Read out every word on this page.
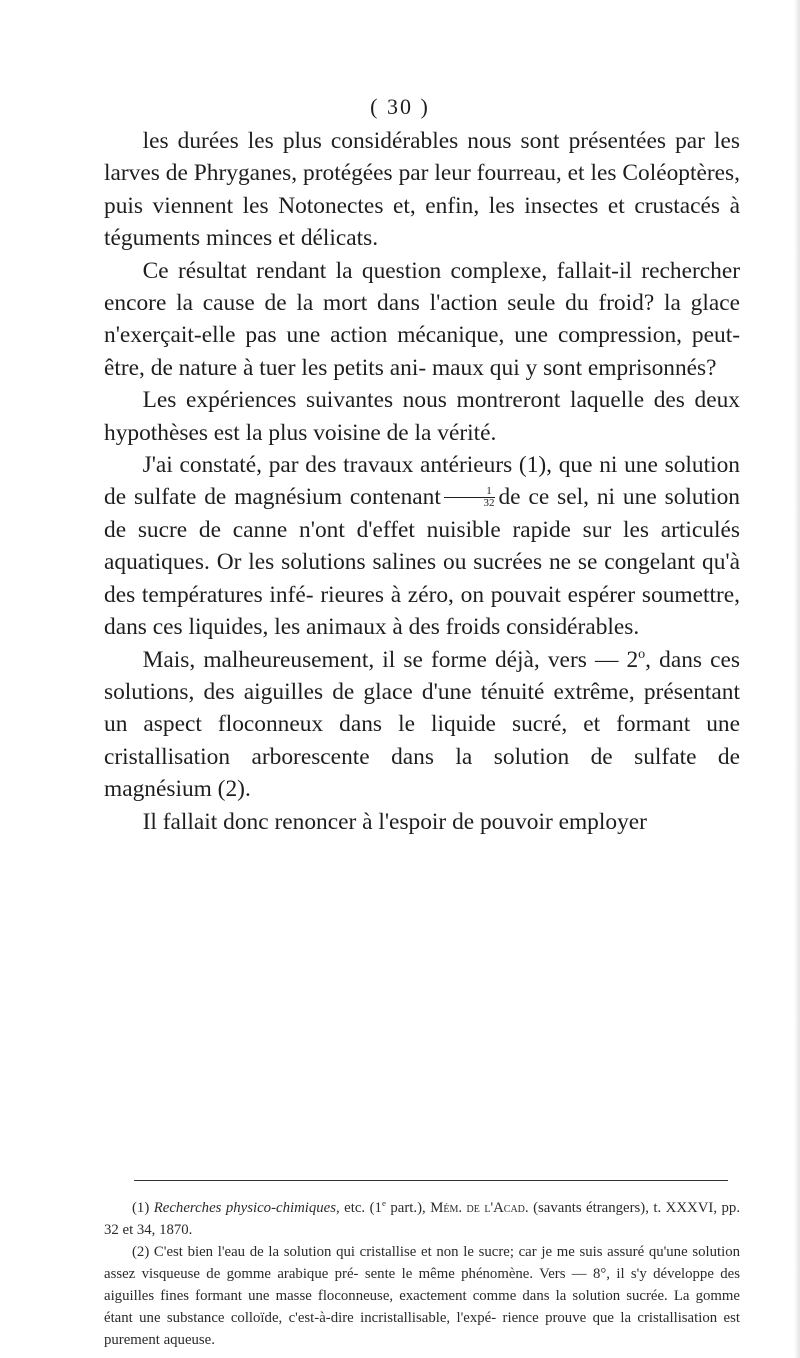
( 30 )

les durées les plus considérables nous sont présentées par les larves de Phryganes, protégées par leur fourreau, et les Coléoptères, puis viennent les Notonectes et, enfin, les insectes et crustacés à téguments minces et délicats.

Ce résultat rendant la question complexe, fallait-il rechercher encore la cause de la mort dans l'action seule du froid? la glace n'exerçait-elle pas une action mécanique, une compression, peut-être, de nature à tuer les petits ani- maux qui y sont emprisonnés?

Les expériences suivantes nous montreront laquelle des deux hypothèses est la plus voisine de la vérité.

J'ai constaté, par des travaux antérieurs (1), que ni une solution de sulfate de magnésium contenant $\frac{1}{32}$ de ce sel, ni une solution de sucre de canne n'ont d'effet nuisible rapide sur les articulés aquatiques. Or les solutions salines ou sucrées ne se congelant qu'à des températures infé- rieures à zéro, on pouvait espérer soumettre, dans ces liquides, les animaux à des froids considérables.

Mais, malheureusement, il se forme déjà, vers — 2$^o$, dans ces solutions, des aiguilles de glace d'une ténuité extrême, présentant un aspect floconneux dans le liquide sucré, et formant une cristallisation arborescente dans la solution de sulfate de magnésium (2).

Il fallait donc renoncer à l'espoir de pouvoir employer

(1) Recherches physico-chimiques, etc. (1e part.), Mém. de l'Acad. (savants étrangers), t. XXXVI, pp. 32 et 34, 1870.

(2) C'est bien l'eau de la solution qui cristallise et non le sucre; car je me suis assuré qu'une solution assez visqueuse de gomme arabique pré- sente le même phénomène. Vers — 8°, il s'y développe des aiguilles fines formant une masse floconneuse, exactement comme dans la solution sucrée. La gomme étant une substance colloïde, c'est-à-dire incristallisable, l'expé- rience prouve que la cristallisation est purement aqueuse.
